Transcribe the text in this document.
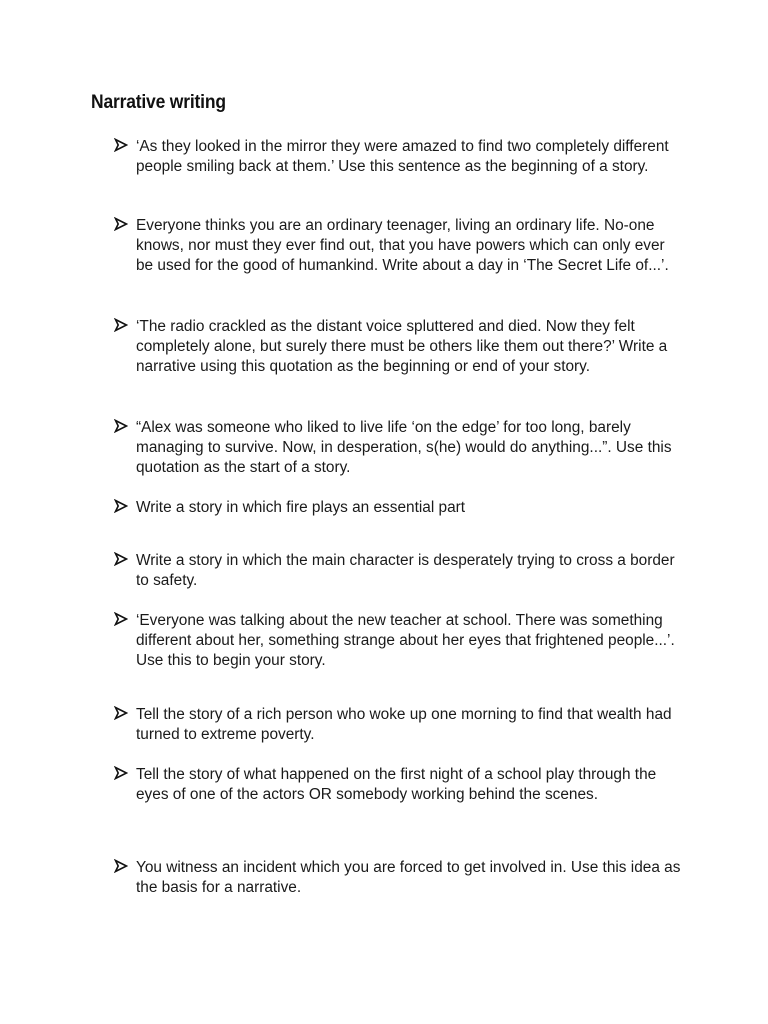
Narrative writing
‘As they looked in the mirror they were amazed to find two completely different people smiling back at them.’ Use this sentence as the beginning of a story.
Everyone thinks you are an ordinary teenager, living an ordinary life. No-one knows, nor must they ever find out, that you have powers which can only ever be used for the good of humankind. Write about a day in ‘The Secret Life of...’.
‘The radio crackled as the distant voice spluttered and died. Now they felt completely alone, but surely there must be others like them out there?’ Write a narrative using this quotation as the beginning or end of your story.
“Alex was someone who liked to live life ‘on the edge’ for too long, barely managing to survive. Now, in desperation, s(he) would do anything...”. Use this quotation as the start of a story.
Write a story in which fire plays an essential part
Write a story in which the main character is desperately trying to cross a border to safety.
‘Everyone was talking about the new teacher at school. There was something different about her, something strange about her eyes that frightened people...’. Use this to begin your story.
Tell the story of a rich person who woke up one morning to find that wealth had turned to extreme poverty.
Tell the story of what happened on the first night of a school play through the eyes of one of the actors OR somebody working behind the scenes.
You witness an incident which you are forced to get involved in. Use this idea as the basis for a narrative.
